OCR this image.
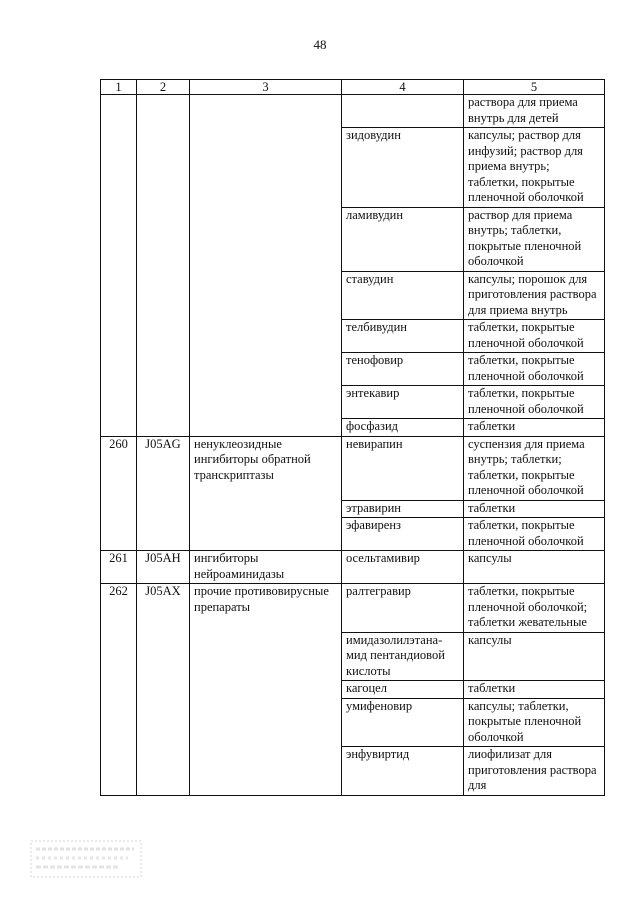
48
1	2	3	4	5
				раствора для приема внутрь для детей
			зидовудин	капсулы; раствор для инфузий; раствор для приема внутрь; таблетки, покрытые пленочной оболочкой
			ламивудин	раствор для приема внутрь; таблетки, покрытые пленочной оболочкой
			ставудин	капсулы; порошок для приготовления раствора для приема внутрь
			телбивудин	таблетки, покрытые пленочной оболочкой
			тенофовир	таблетки, покрытые пленочной оболочкой
			энтекавир	таблетки, покрытые пленочной оболочкой
			фосфазид	таблетки
260	J05AG	ненуклеозидные ингибиторы обратной транскриптазы	невирапин	суспензия для приема внутрь; таблетки; таблетки, покрытые пленочной оболочкой
			этравирин	таблетки
			эфавиренз	таблетки, покрытые пленочной оболочкой
261	J05AH	ингибиторы нейроаминидазы	осельтамивир	капсулы
262	J05AX	прочие противовирусные препараты	ралтегравир	таблетки, покрытые пленочной оболочкой; таблетки жевательные
			имидазолилэтана-мид пентандиовой кислоты	капсулы
			кагоцел	таблетки
			умифеновир	капсулы; таблетки, покрытые пленочной оболочкой
			энфувиртид	лиофилизат для приготовления раствора для
